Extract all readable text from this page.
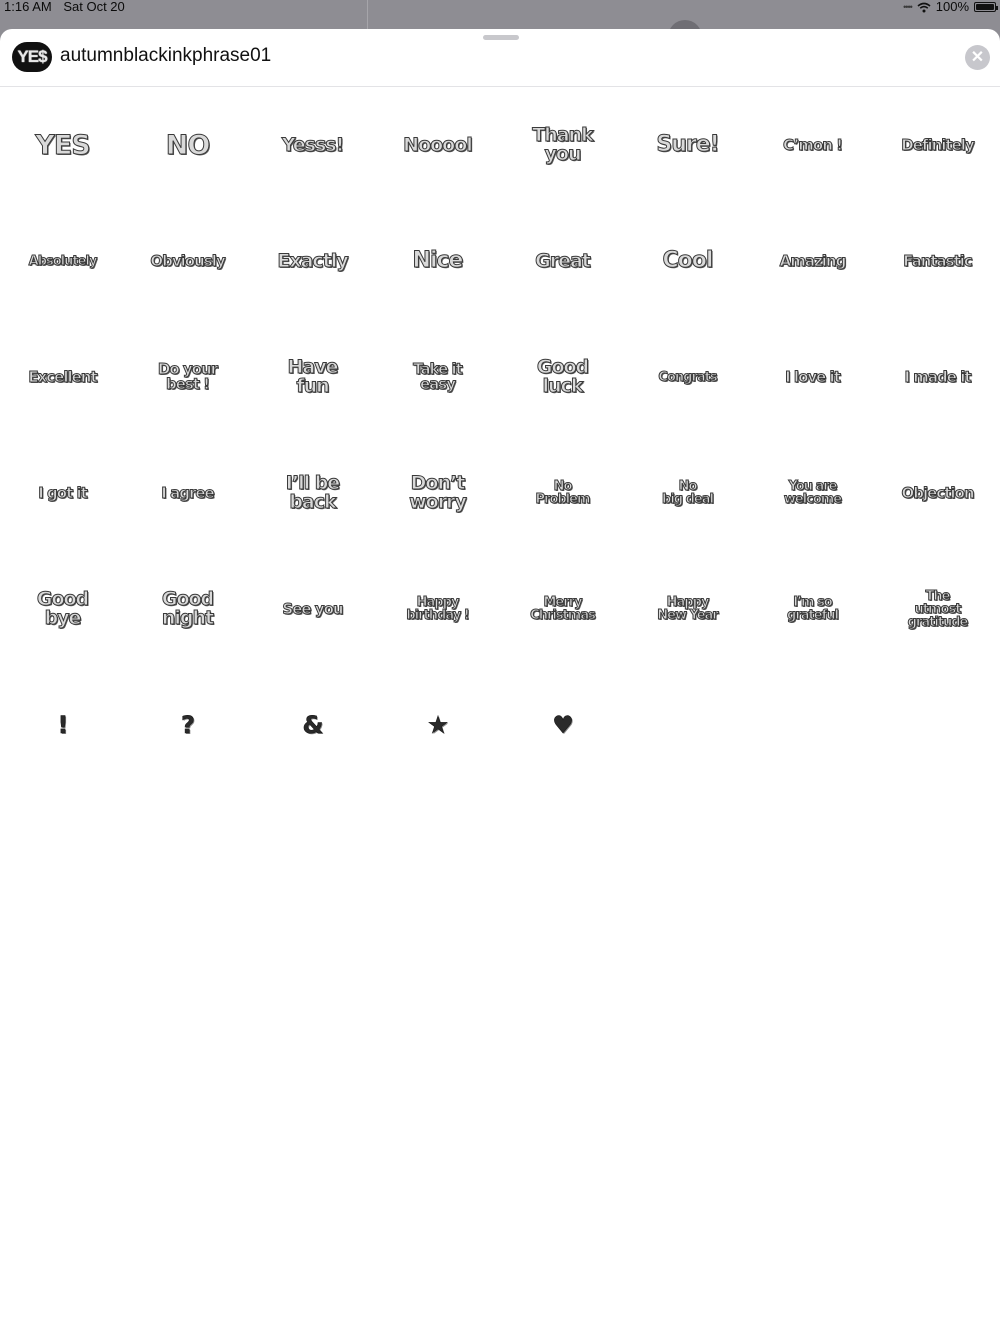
1:16 AM Sat Oct 20	•••• 100%
YE$ autumnblackinkphrase01	✕
YES	NO	Yesss!	Nooool	Thank
you	Sure!	C’mon !	Definitely
Absolutely	Obviously	Exactly	Nice	Great	Cool	Amazing	Fantastic
Excellent	Do your
best !
Have
fun
Take it
easy
Good
luck	Congrats	I love it	I made it
I got it	I agree	I’ll be
back
Don’t
worry
No
Problem
No
big deal
You are
welcome	Objection
Good
bye
Good
night	See you	Happy
birthday !
Merry
Christmas
Happy
New Year
I’m so
grateful
The
utmost
gratitude
!	?	&	★	♥
